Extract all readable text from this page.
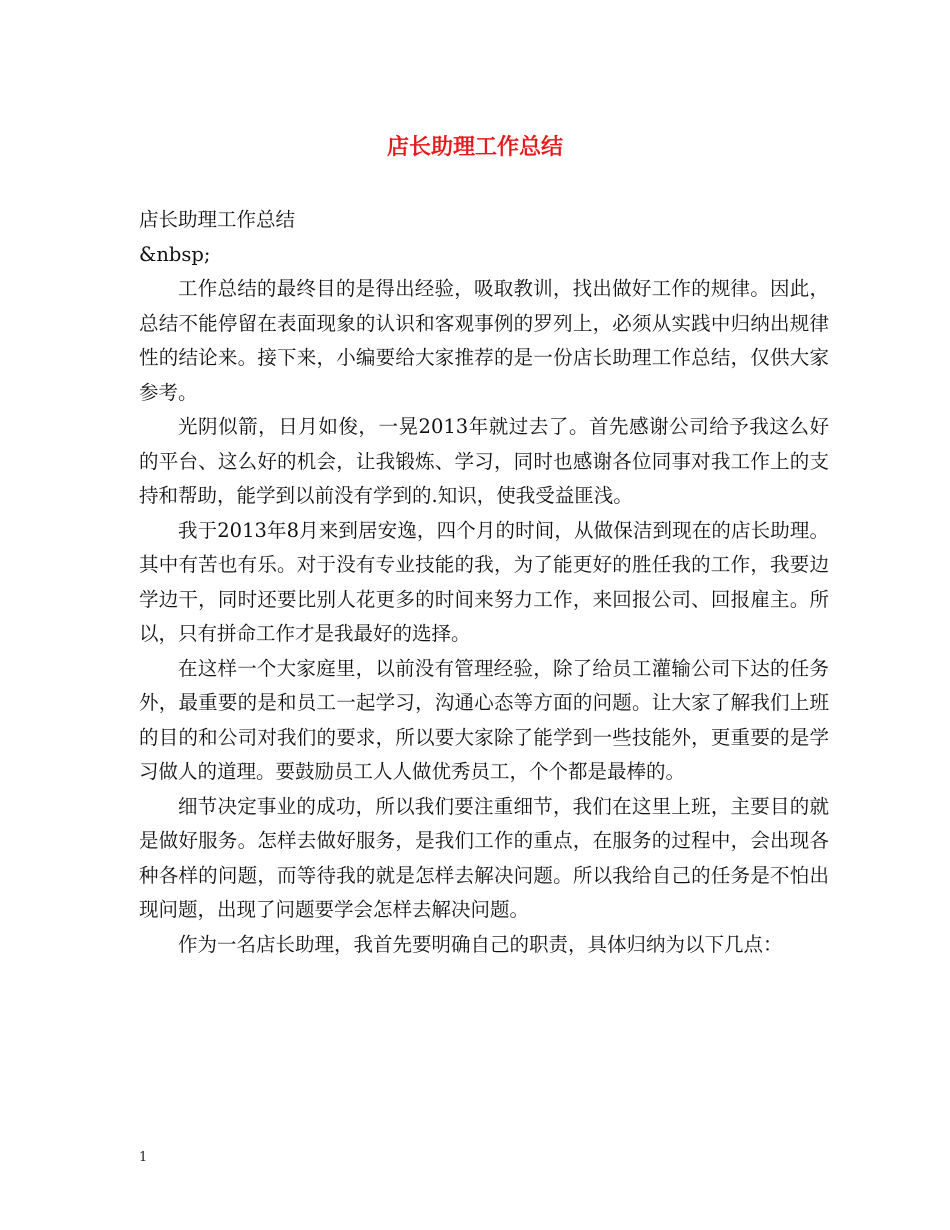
店长助理工作总结

店长助理工作总结

&nbsp;

工作总结的最终目的是得出经验，吸取教训，找出做好工作的规律。因此，总结不能停留在表面现象的认识和客观事例的罗列上，必须从实践中归纳出规律性的结论来。接下来，小编要给大家推荐的是一份店长助理工作总结，仅供大家参考。

光阴似箭，日月如俊，一晃2013年就过去了。首先感谢公司给予我这么好的平台、这么好的机会，让我锻炼、学习，同时也感谢各位同事对我工作上的支持和帮助，能学到以前没有学到的.知识，使我受益匪浅。

我于2013年8月来到居安逸，四个月的时间，从做保洁到现在的店长助理。其中有苦也有乐。对于没有专业技能的我，为了能更好的胜任我的工作，我要边学边干，同时还要比别人花更多的时间来努力工作，来回报公司、回报雇主。所以，只有拼命工作才是我最好的选择。

在这样一个大家庭里，以前没有管理经验，除了给员工灌输公司下达的任务外，最重要的是和员工一起学习，沟通心态等方面的问题。让大家了解我们上班的目的和公司对我们的要求，所以要大家除了能学到一些技能外，更重要的是学习做人的道理。要鼓励员工人人做优秀员工，个个都是最棒的。

细节决定事业的成功，所以我们要注重细节，我们在这里上班，主要目的就是做好服务。怎样去做好服务，是我们工作的重点，在服务的过程中，会出现各种各样的问题，而等待我的就是怎样去解决问题。所以我给自己的任务是不怕出现问题，出现了问题要学会怎样去解决问题。

作为一名店长助理，我首先要明确自己的职责，具体归纳为以下几点：

1
